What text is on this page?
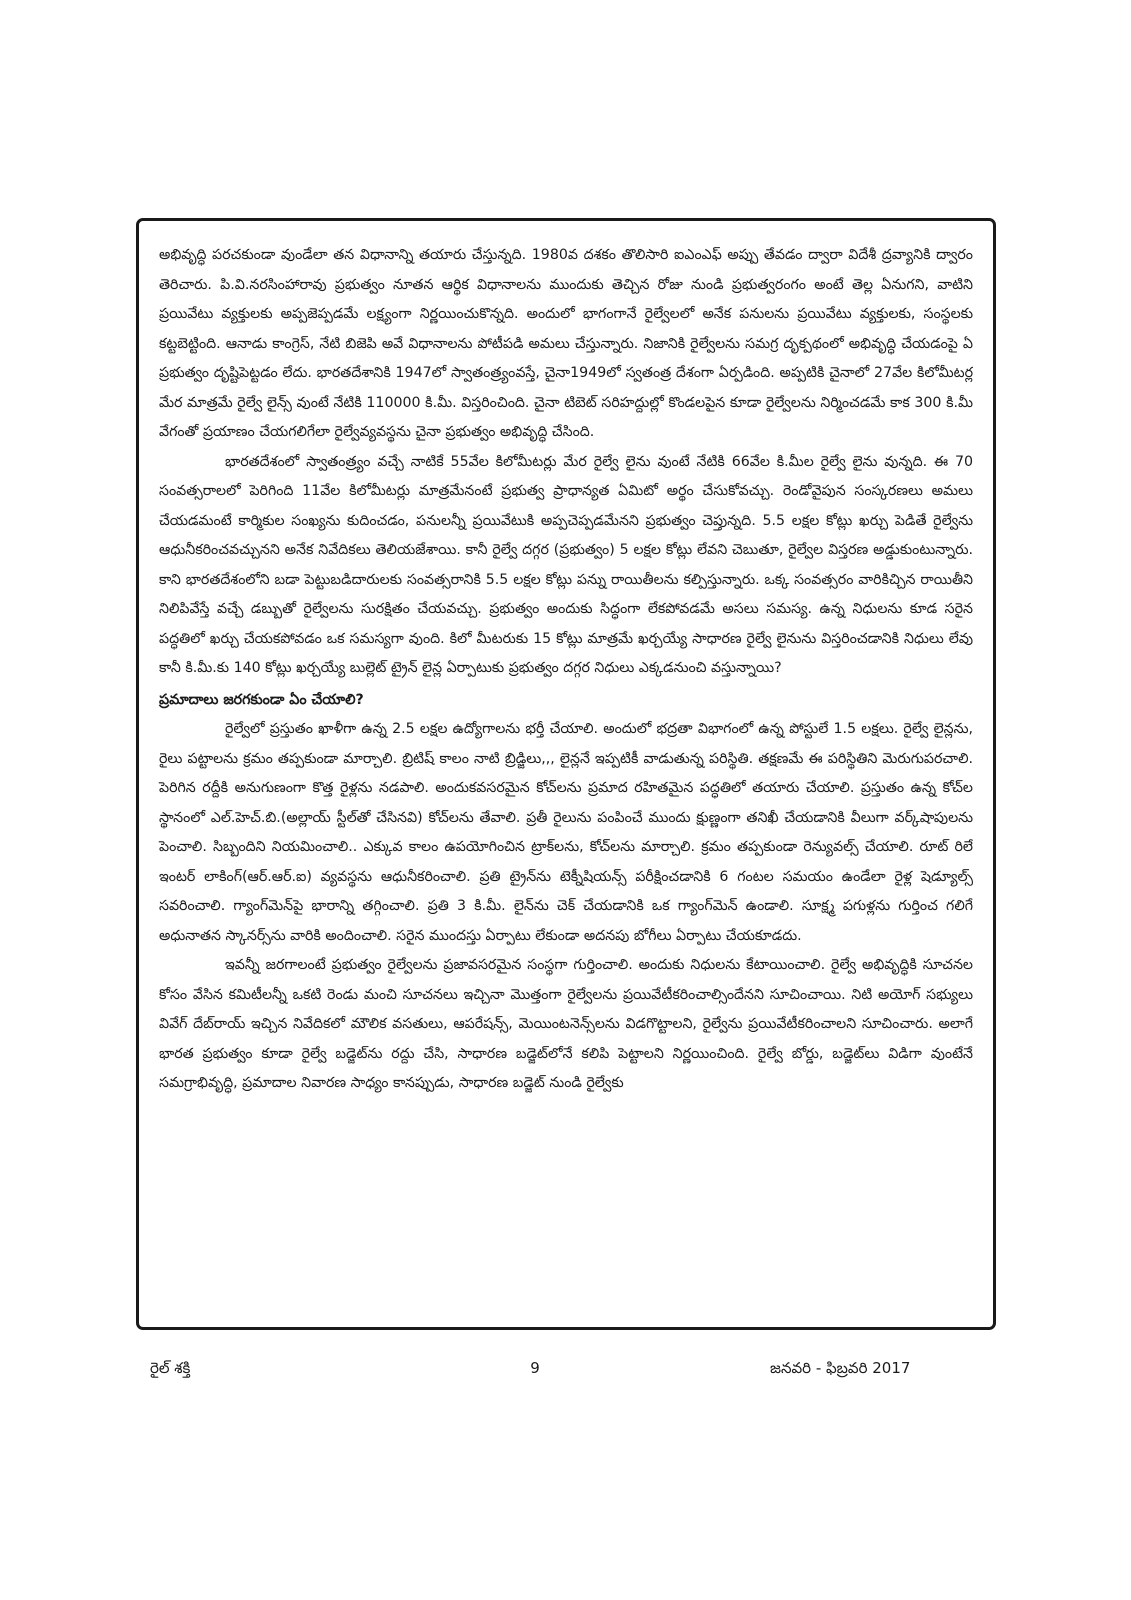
అభివృద్ధి పరచకుండా వుండేలా తన విధానాన్ని తయారు చేస్తున్నది. 1980వ దశకం తొలిసారి ఐఎంఎఫ్ అప్పు తేవడం ద్వారా విదేశీ ద్రవ్యానికి ద్వారం తెరిచారు. పి.వి.నరసింహారావు ప్రభుత్వం నూతన ఆర్థిక విధానాలను ముందుకు తెచ్చిన రోజు నుండి ప్రభుత్వరంగం అంటే తెల్ల ఏనుగని, వాటిని ప్రయివేటు వ్యక్తులకు అప్పజెప్పడమే లక్ష్యంగా నిర్ణయించుకొన్నది. అందులో భాగంగానే రైల్వేలలో అనేక పనులను ప్రయివేటు వ్యక్తులకు, సంస్థలకు కట్టబెట్టింది. ఆనాడు కాంగ్రెస్, నేటి బిజెపి అవే విధానాలను పోటీపడి అమలు చేస్తున్నారు. నిజానికి రైల్వేలను సమగ్ర దృక్పథంలో అభివృద్ధి చేయడంపై ఏ ప్రభుత్వం దృష్టిపెట్టడం లేదు. భారతదేశానికి 1947లో స్వాతంత్ర్యంవస్తే, చైనా1949లో స్వతంత్ర దేశంగా ఏర్పడింది. అప్పటికి చైనాలో 27వేల కిలోమీటర్ల మేర మాత్రమే రైల్వే లైన్స్ వుంటే నేటికి 110000 కి.మీ. విస్తరించింది. చైనా టిబెట్ సరిహద్దుల్లో కొండలపైన కూడా రైల్వేలను నిర్మించడమే కాక 300 కి.మీ వేగంతో ప్రయాణం చేయగలిగేలా రైల్వేవ్యవస్థను చైనా ప్రభుత్వం అభివృద్ధి చేసింది.

భారతదేశంలో స్వాతంత్ర్యం వచ్చే నాటికే 55వేల కిలోమీటర్లు మేర రైల్వే లైను వుంటే నేటికి 66వేల కి.మీల రైల్వే లైను వున్నది. ఈ 70 సంవత్సరాలలో పెరిగింది 11వేల కిలోమీటర్లు మాత్రమేనంటే ప్రభుత్వ ప్రాధాన్యత ఏమిటో అర్థం చేసుకోవచ్చు. రెండోవైపున సంస్కరణలు అమలు చేయడమంటే కార్మికుల సంఖ్యను కుదించడం, పనులన్నీ ప్రయివేటుకి అప్పచెప్పడమేనని ప్రభుత్వం చెప్తున్నది. 5.5 లక్షల కోట్లు ఖర్చు పెడితే రైల్వేను ఆధునీకరించవచ్చునని అనేక నివేదికలు తెలియజేశాయి. కానీ రైల్వే దగ్గర (ప్రభుత్వం) 5 లక్షల కోట్లు లేవని చెబుతూ, రైల్వేల విస్తరణ అడ్డుకుంటున్నారు. కాని భారతదేశంలోని బడా పెట్టుబడిదారులకు సంవత్సరానికి 5.5 లక్షల కోట్లు పన్ను రాయితీలను కల్పిస్తున్నారు. ఒక్క సంవత్సరం వారికిచ్చిన రాయితీని నిలిపివేస్తే వచ్చే డబ్బుతో రైల్వేలను సురక్షితం చేయవచ్చు. ప్రభుత్వం అందుకు సిద్ధంగా లేకపోవడమే అసలు సమస్య. ఉన్న నిధులను కూడ సరైన పద్ధతిలో ఖర్చు చేయకపోవడం ఒక సమస్యగా వుంది. కిలో మీటరుకు 15 కోట్లు మాత్రమే ఖర్చయ్యే సాధారణ రైల్వే లైనును విస్తరించడానికి నిధులు లేవు కానీ కి.మీ.కు 140 కోట్లు ఖర్చయ్యే బుల్లెట్ ట్రైన్ లైన్ల ఏర్పాటుకు ప్రభుత్వం దగ్గర నిధులు ఎక్కడనుంచి వస్తున్నాయి?

ప్రమాదాలు జరగకుండా ఏం చేయాలి?

రైల్వేలో ప్రస్తుతం ఖాళీగా ఉన్న 2.5 లక్షల ఉద్యోగాలను భర్తీ చేయాలి. అందులో భద్రతా విభాగంలో ఉన్న పోస్టులే 1.5 లక్షలు. రైల్వే లైన్లను, రైలు పట్టాలను క్రమం తప్పకుండా మార్చాలి. బ్రిటిష్ కాలం నాటి బ్రిడ్జిలు,,, లైన్లనే ఇప్పటికీ వాడుతున్న పరిస్థితి. తక్షణమే ఈ పరిస్థితిని మెరుగుపరచాలి. పెరిగిన రద్దీకి అనుగుణంగా కొత్త రైళ్లను నడపాలి. అందుకవసరమైన కోచ్‌లను ప్రమాద రహితమైన పద్ధతిలో తయారు చేయాలి. ప్రస్తుతం ఉన్న కోచ్‌ల స్థానంలో ఎల్.హెచ్.బి.(అల్లాయ్ స్టీల్‌తో చేసినవి) కోచ్‌లను తేవాలి. ప్రతీ రైలును పంపించే ముందు క్షుణ్ణంగా తనిఖీ చేయడానికి వీలుగా వర్క్‌షాపులను పెంచాలి. సిబ్బందిని నియమించాలి.. ఎక్కువ కాలం ఉపయోగించిన ట్రాక్‌లను, కోచ్‌లను మార్చాలి. క్రమం తప్పకుండా రెన్యువల్స్ చేయాలి. రూట్ రిలే ఇంటర్ లాకింగ్(ఆర్.ఆర్.ఐ) వ్యవస్థను ఆధునీకరించాలి. ప్రతి ట్రైన్‌ను టెక్నీషియన్స్ పరీక్షించడానికి 6 గంటల సమయం ఉండేలా రైళ్ల షెడ్యూల్స్ సవరించాలి. గ్యాంగ్‌మెన్‌పై భారాన్ని తగ్గించాలి. ప్రతి 3 కి.మీ. లైన్‌ను చెక్ చేయడానికి ఒక గ్యాంగ్‌మెన్ ఉండాలి. సూక్ష్మ పగుళ్లను గుర్తించ గలిగే అధునాతన స్కానర్స్‌ను వారికి అందించాలి. సరైన ముందస్తు ఏర్పాటు లేకుండా అదనపు బోగీలు ఏర్పాటు చేయకూడదు.

ఇవన్నీ జరగాలంటే ప్రభుత్వం రైల్వేలను ప్రజావసరమైన సంస్థగా గుర్తించాలి. అందుకు నిధులను కేటాయించాలి. రైల్వే అభివృద్ధికి సూచనల కోసం వేసిన కమిటీలన్నీ ఒకటి రెండు మంచి సూచనలు ఇచ్చినా మొత్తంగా రైల్వేలను ప్రయివేటీకరించాల్సిందేనని సూచించాయి. నిటి అయోగ్ సభ్యులు వివేగ్ దేబ్‌రాయ్ ఇచ్చిన నివేదికలో మౌలిక వసతులు, ఆపరేషన్స్, మెయింటనెన్స్‌లను విడగొట్టాలని, రైల్వేను ప్రయివేటీకరించాలని సూచించారు. అలాగే భారత ప్రభుత్వం కూడా రైల్వే బడ్జెట్‌ను రద్దు చేసి, సాధారణ బడ్జెట్‌లోనే కలిపి పెట్టాలని నిర్ణయించింది. రైల్వే బోర్డు, బడ్జెట్‌లు విడిగా వుంటేనే సమగ్రాభివృద్ధి, ప్రమాదాల నివారణ సాధ్యం కానప్పుడు, సాధారణ బడ్జెట్ నుండి రైల్వేకు

రైల్ శక్తి	9	జనవరి - ఫిబ్రవరి 2017
